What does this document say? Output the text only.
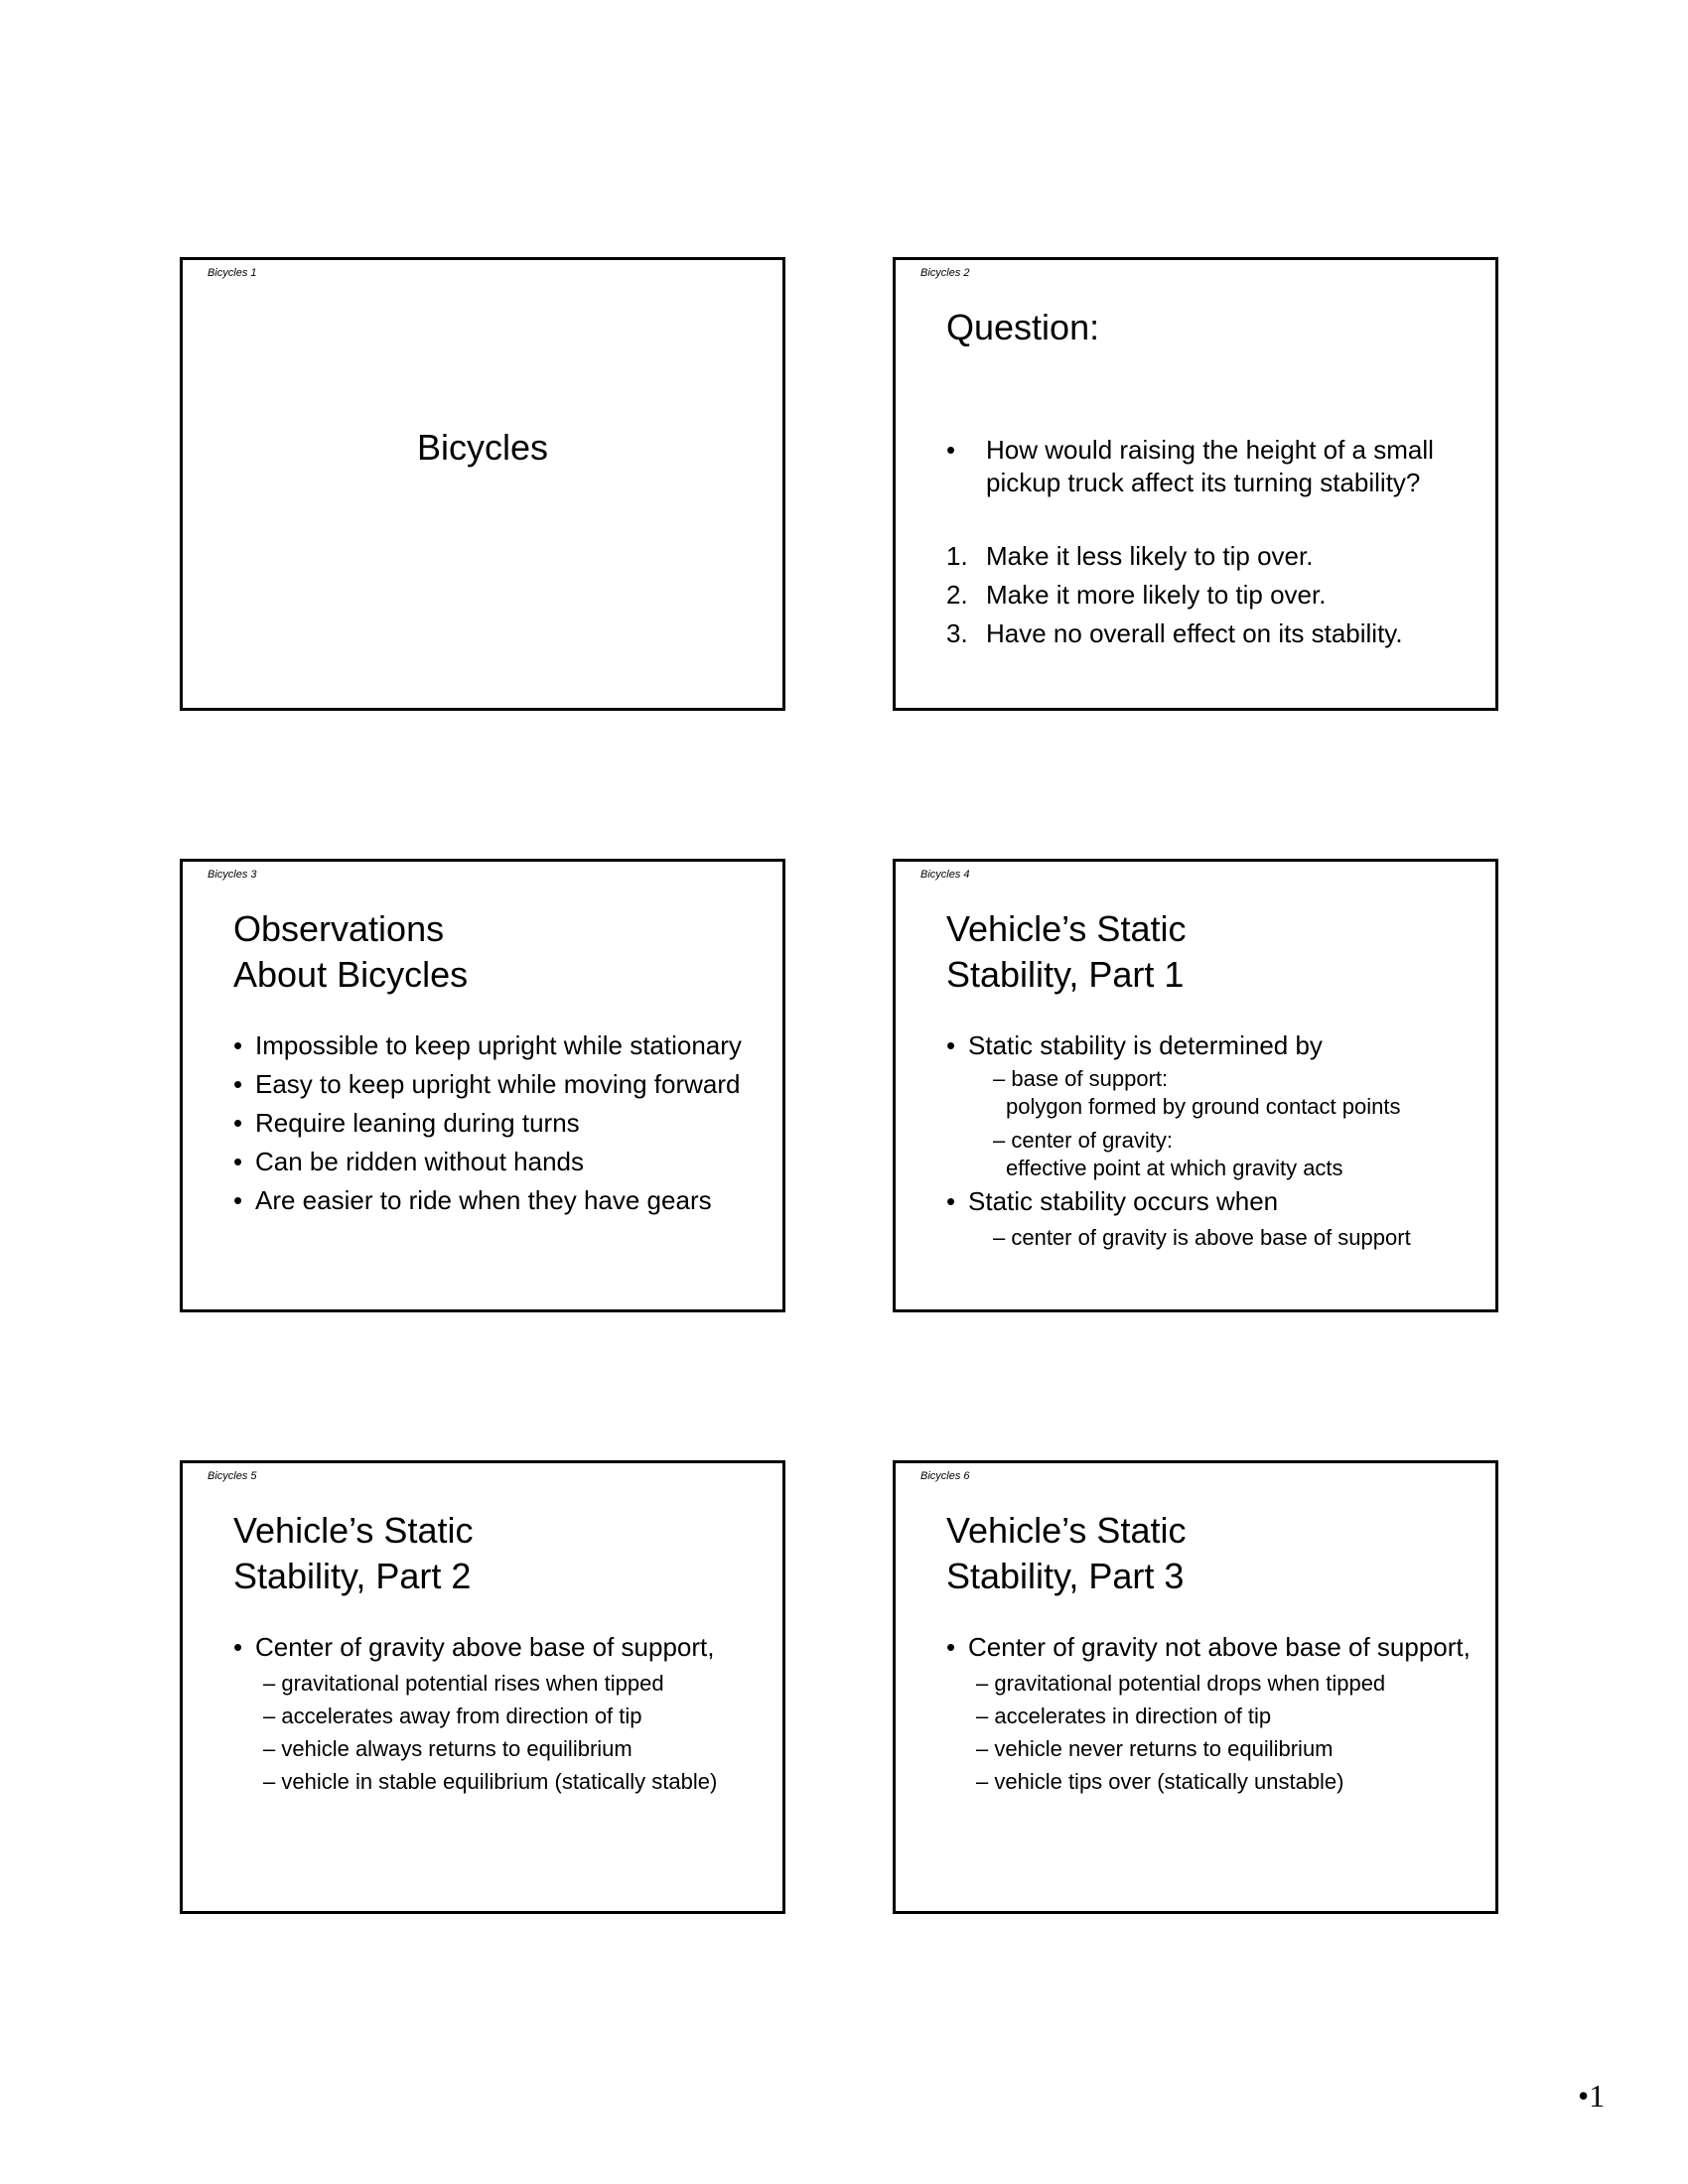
Bicycles 1
Bicycles
Bicycles 2
Question:
•	How would raising the height of a small pickup truck affect its turning stability?
1. Make it less likely to tip over.
2. Make it more likely to tip over.
3. Have no overall effect on its stability.
Bicycles 3
Observations
About Bicycles
• Impossible to keep upright while stationary
• Easy to keep upright while moving forward
• Require leaning during turns
• Can be ridden without hands
• Are easier to ride when they have gears
Bicycles 4
Vehicle’s Static
Stability, Part 1
• Static stability is determined by
– base of support:
polygon formed by ground contact points
– center of gravity:
effective point at which gravity acts
• Static stability occurs when
– center of gravity is above base of support
Bicycles 5
Vehicle’s Static
Stability, Part 2
• Center of gravity above base of support,
– gravitational potential rises when tipped
– accelerates away from direction of tip
– vehicle always returns to equilibrium
– vehicle in stable equilibrium (statically stable)
Bicycles 6
Vehicle’s Static
Stability, Part 3
• Center of gravity not above base of support,
– gravitational potential drops when tipped
– accelerates in direction of tip
– vehicle never returns to equilibrium
– vehicle tips over (statically unstable)
•1
